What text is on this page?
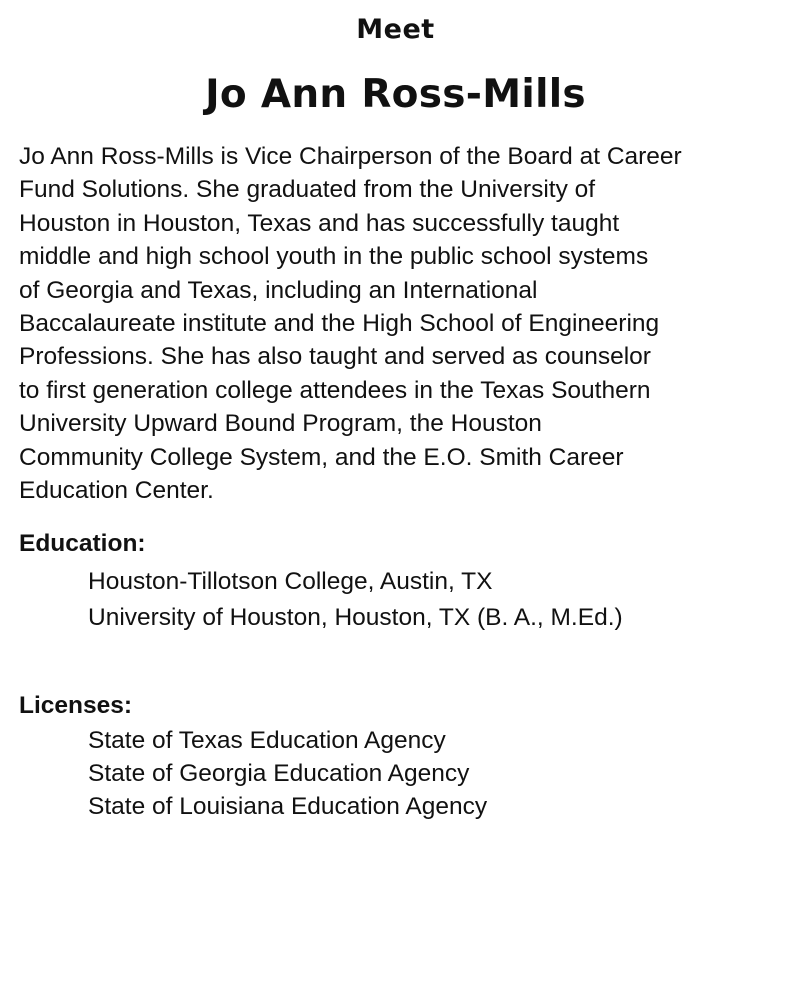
Meet
Jo Ann Ross-Mills

Jo Ann Ross-Mills is Vice Chairperson of the Board at Career
Fund Solutions. She graduated from the University of
Houston in Houston, Texas and has successfully taught
middle and high school youth in the public school systems
of Georgia and Texas, including an International
Baccalaureate institute and the High School of Engineering
Professions. She has also taught and served as counselor
to first generation college attendees in the Texas Southern
University Upward Bound Program, the Houston
Community College System, and the E.O. Smith Career
Education Center.

Education:
Houston-Tillotson College, Austin, TX
University of Houston, Houston, TX (B. A., M.Ed.)
Licenses:
State of Texas Education Agency
State of Georgia Education Agency
State of Louisiana Education Agency
